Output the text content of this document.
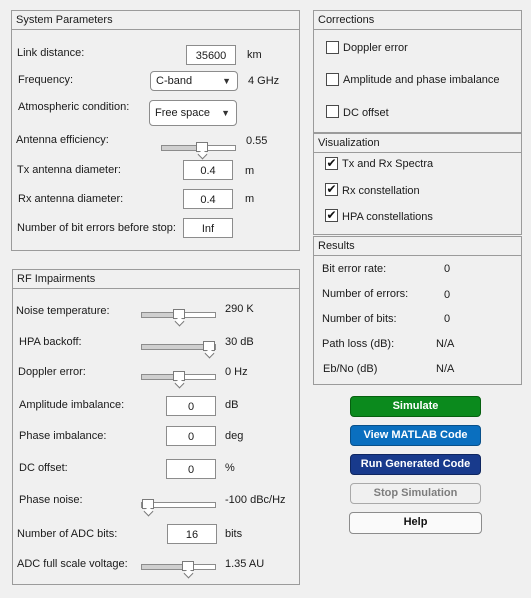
System Parameters
Link distance:	35600	km
Frequency:	C-band	▼ 4 GHz
Atmospheric condition:	Free space ▼
Antenna efficiency:	0.55
Tx antenna diameter:	0.4	m
Rx antenna diameter:	0.4	m
Number of bit errors before stop:	Inf
RF Impairments
Noise temperature:	290 K
HPA backoff:	30 dB
Doppler error:	0 Hz
Amplitude imbalance:	0	dB
Phase imbalance:	0	deg
DC offset:	0	%
Phase noise:	-100 dBc/Hz
Number of ADC bits:	16	bits
ADC full scale voltage:	1.35 AU
Corrections
Doppler error
Amplitude and phase imbalance
DC offset
Visualization
✔ Tx and Rx Spectra
✔ Rx constellation
✔ HPA constellations
Results
Bit error rate:	0
Number of errors:	0
Number of bits:	0
Path loss (dB):	N/A
Eb/No (dB)	N/A
Simulate
View MATLAB Code
Run Generated Code
Stop Simulation
Help
